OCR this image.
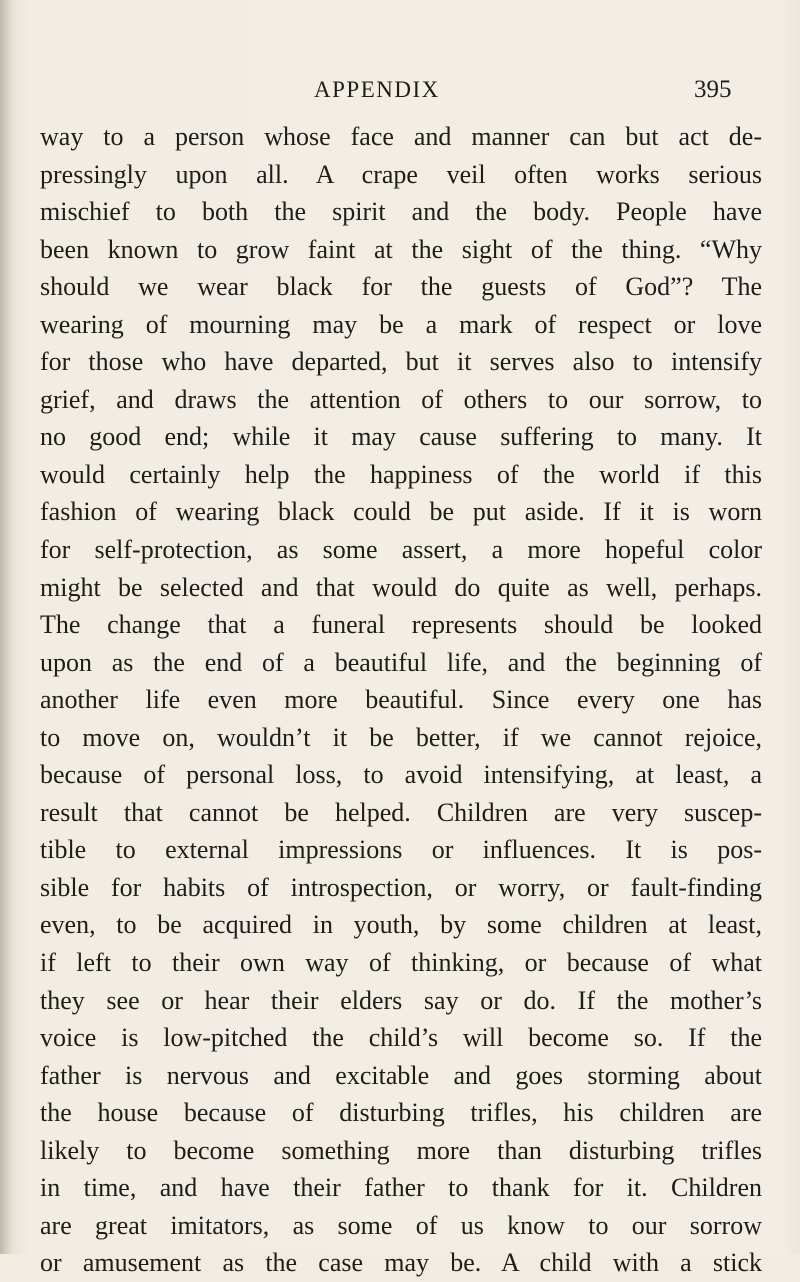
APPENDIX	395
way to a person whose face and manner can but act de-
pressingly upon all. A crape veil often works serious
mischief to both the spirit and the body. People have
been known to grow faint at the sight of the thing. “Why
should we wear black for the guests of God”? The
wearing of mourning may be a mark of respect or love
for those who have departed, but it serves also to intensify
grief, and draws the attention of others to our sorrow, to
no good end; while it may cause suffering to many. It
would certainly help the happiness of the world if this
fashion of wearing black could be put aside. If it is worn
for self-protection, as some assert, a more hopeful color
might be selected and that would do quite as well, perhaps.
The change that a funeral represents should be looked
upon as the end of a beautiful life, and the beginning of
another life even more beautiful. Since every one has
to move on, wouldn’t it be better, if we cannot rejoice,
because of personal loss, to avoid intensifying, at least, a
result that cannot be helped. Children are very suscep-
tible to external impressions or influences. It is pos-
sible for habits of introspection, or worry, or fault-finding
even, to be acquired in youth, by some children at least,
if left to their own way of thinking, or because of what
they see or hear their elders say or do. If the mother’s
voice is low-pitched the child’s will become so. If the
father is nervous and excitable and goes storming about
the house because of disturbing trifles, his children are
likely to become something more than disturbing trifles
in time, and have their father to thank for it. Children
are great imitators, as some of us know to our sorrow
or amusement as the case may be. A child with a stick
